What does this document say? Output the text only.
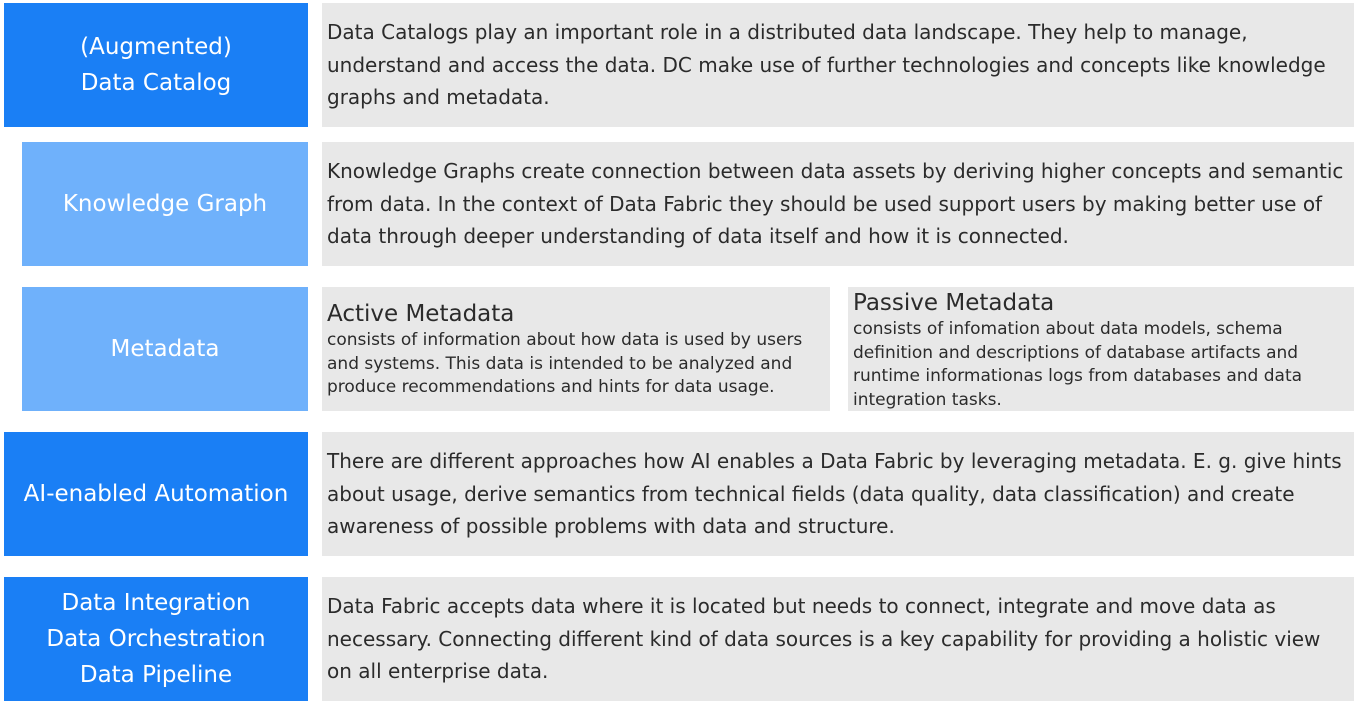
(Augmented)
Data Catalog

Data Catalogs play an important role in a distributed data landscape. They help to manage, understand and access the data. DC make use of further technologies and concepts like knowledge graphs and metadata.

Knowledge Graph

Knowledge Graphs create connection between data assets by deriving higher concepts and semantic from data. In the context of Data Fabric they should be used support users by making better use of data through deeper understanding of data itself and how it is connected.

Metadata
Active Metadata

consists of information about how data is used by users and systems. This data is intended to be analyzed and produce recommendations and hints for data usage.

Passive Metadata

consists of infomation about data models, schema definition and descriptions of database artifacts and runtime informationas logs from databases and data integration tasks.

AI-enabled Automation

There are different approaches how AI enables a Data Fabric by leveraging metadata. E. g. give hints about usage, derive semantics from technical fields (data quality, data classification) and create awareness of possible problems with data and structure.

Data Integration
Data Orchestration
Data Pipeline

Data Fabric accepts data where it is located but needs to connect, integrate and move data as necessary. Connecting different kind of data sources is a key capability for providing a holistic view on all enterprise data.
